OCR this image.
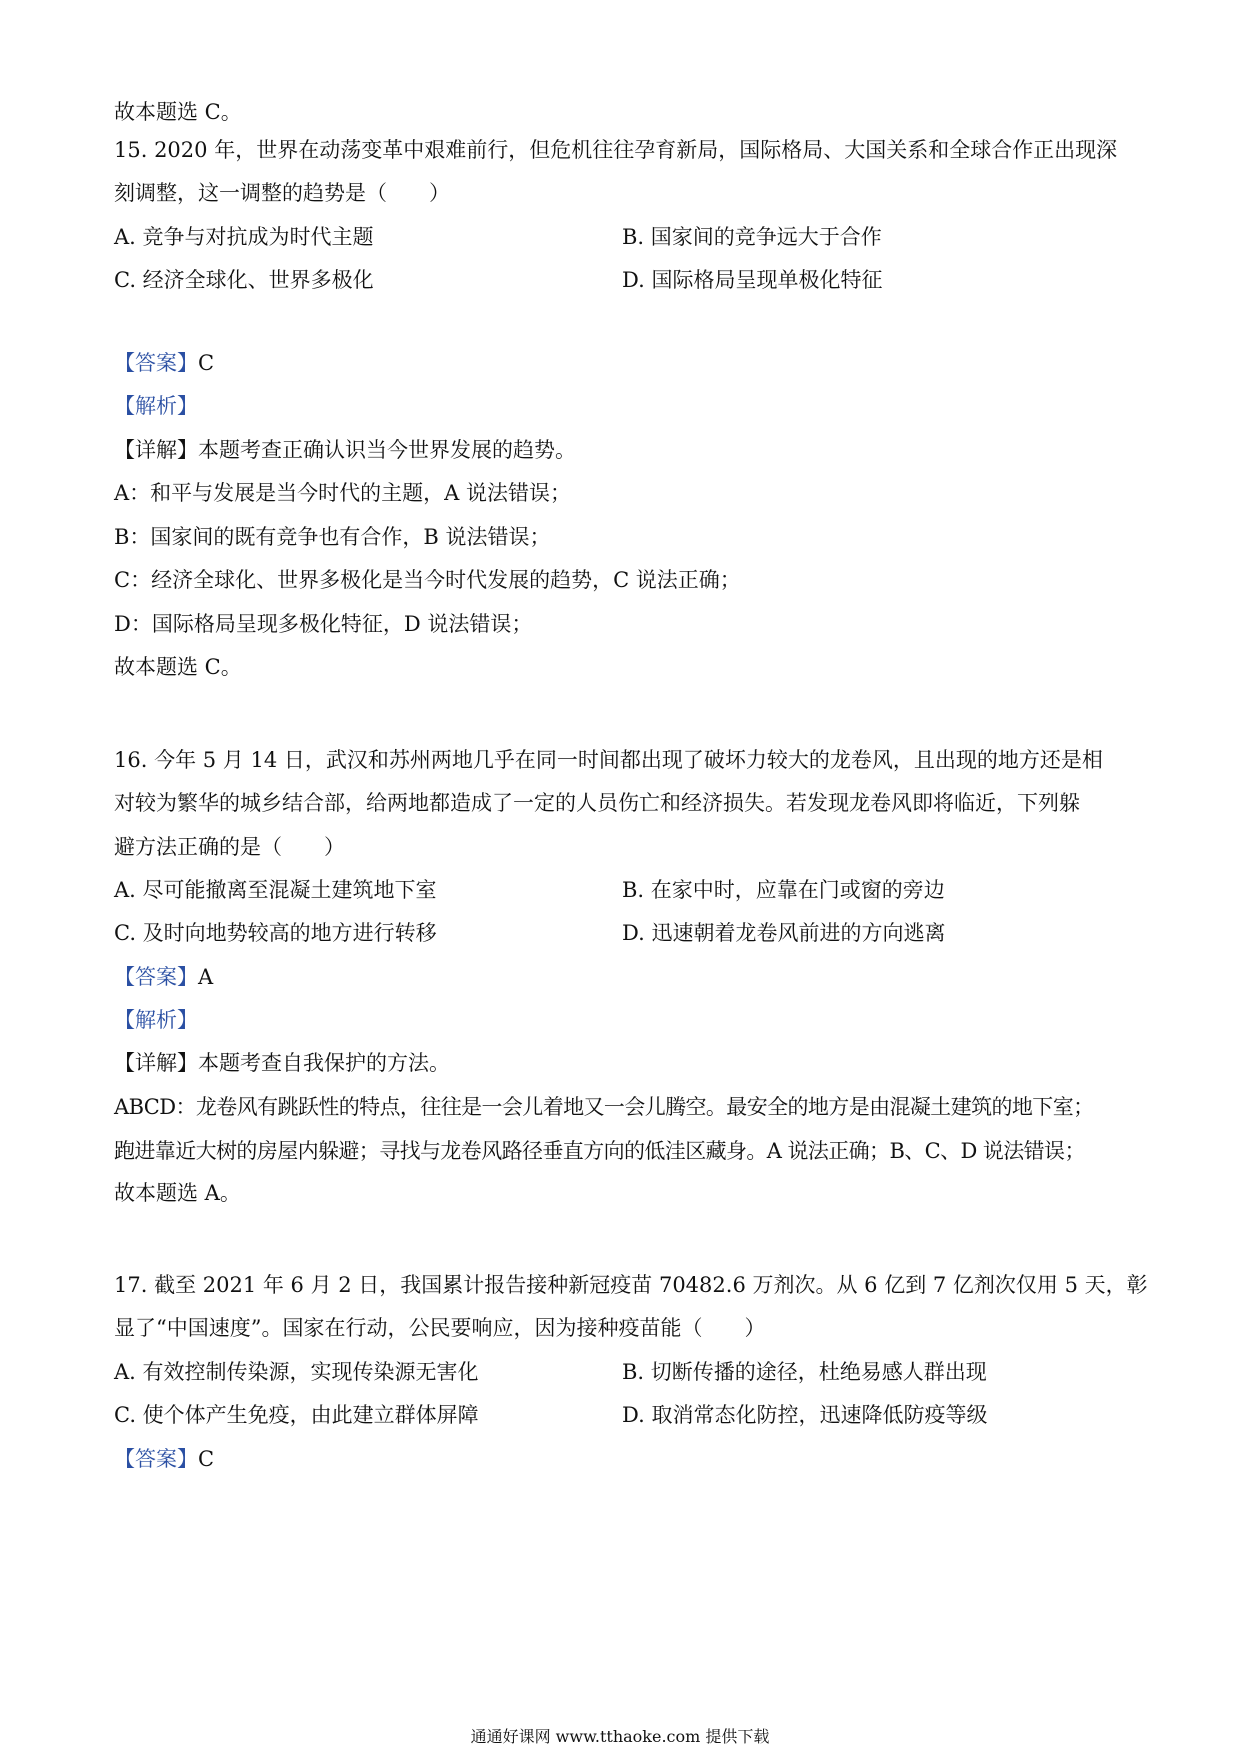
故本题选 C。
15. 2020 年，世界在动荡变革中艰难前行，但危机往往孕育新局，国际格局、大国关系和全球合作正出现深
刻调整，这一调整的趋势是（　　）
A. 竞争与对抗成为时代主题	B. 国家间的竞争远大于合作
C. 经济全球化、世界多极化	D. 国际格局呈现单极化特征
【答案】C
【解析】
【详解】本题考查正确认识当今世界发展的趋势。
A：和平与发展是当今时代的主题，A 说法错误；
B：国家间的既有竞争也有合作，B 说法错误；
C：经济全球化、世界多极化是当今时代发展的趋势，C 说法正确；
D：国际格局呈现多极化特征，D 说法错误；
故本题选 C。
16. 今年 5 月 14 日，武汉和苏州两地几乎在同一时间都出现了破坏力较大的龙卷风，且出现的地方还是相
对较为繁华的城乡结合部，给两地都造成了一定的人员伤亡和经济损失。若发现龙卷风即将临近，下列躲
避方法正确的是（　　）
A. 尽可能撤离至混凝土建筑地下室	B. 在家中时，应靠在门或窗的旁边
C. 及时向地势较高的地方进行转移	D. 迅速朝着龙卷风前进的方向逃离
【答案】A
【解析】
【详解】本题考查自我保护的方法。
ABCD：龙卷风有跳跃性的特点，往往是一会儿着地又一会儿腾空。最安全的地方是由混凝土建筑的地下室；
跑进靠近大树的房屋内躲避；寻找与龙卷风路径垂直方向的低洼区藏身。A 说法正确；B、C、D 说法错误；
故本题选 A。
17. 截至 2021 年 6 月 2 日，我国累计报告接种新冠疫苗 70482.6 万剂次。从 6 亿到 7 亿剂次仅用 5 天，彰
显了“中国速度”。国家在行动，公民要响应，因为接种疫苗能（　　）
A. 有效控制传染源，实现传染源无害化	B. 切断传播的途径，杜绝易感人群出现
C. 使个体产生免疫，由此建立群体屏障	D. 取消常态化防控，迅速降低防疫等级
【答案】C
通通好课网 www.tthaoke.com 提供下载
